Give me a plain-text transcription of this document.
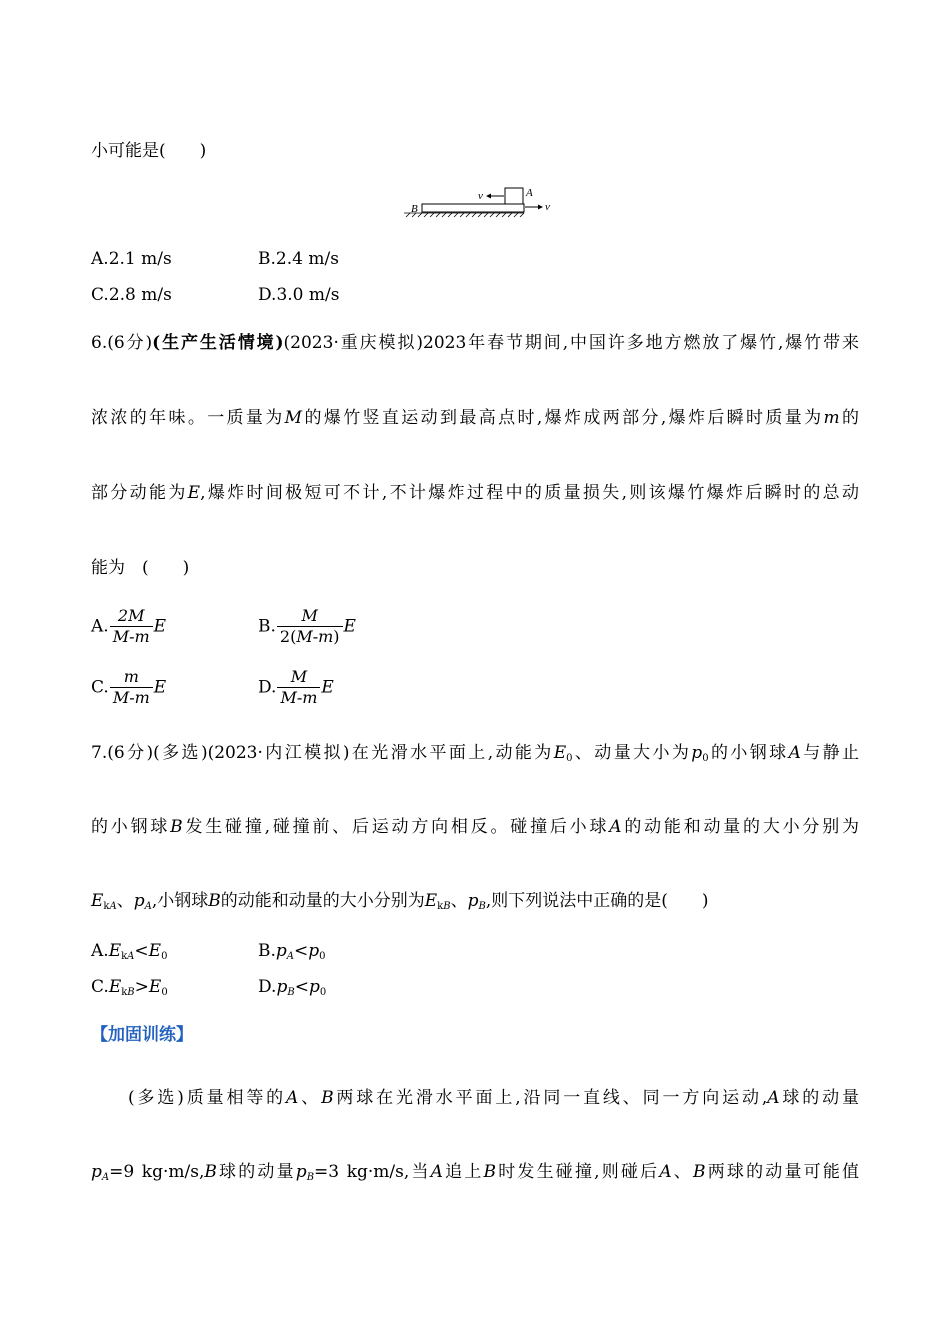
小可能是(　　)
v	A
B	v
A.2.1 m/s	B.2.4 m/s
C.2.8 m/s	D.3.0 m/s
6.(6分)(生产生活情境)(2023·重庆模拟)2023年春节期间,中国许多地方燃放了爆竹,爆竹带来
浓浓的年味。一质量为M的爆竹竖直运动到最高点时,爆炸成两部分,爆炸后瞬时质量为m的
部分动能为E,爆炸时间极短可不计,不计爆炸过程中的质量损失,则该爆竹爆炸后瞬时的总动
能为　(　　)
A. $\frac{2M}{M-m}$ E	B. $\frac{M}{2(M-m)}$ E
C. $\frac{m}{M-m}$ E	D. $\frac{M}{M-m}$ E
7.(6分)(多选)(2023·内江模拟)在光滑水平面上,动能为$E_0$、动量大小为$p_0$的小钢球A与静止
的小钢球B发生碰撞,碰撞前、后运动方向相反。碰撞后小球A的动能和动量的大小分别为
$E_{kA}$、$p_A$,小钢球B的动能和动量的大小分别为$E_{kB}$、$p_B$,则下列说法中正确的是(　　)
$A.E_{kA}<E_0$	$B.p_A<p_0$
$C.E_{kB}>E_0$	$D.p_B<p_0$
【加固训练】
(多选)质量相等的A、B两球在光滑水平面上,沿同一直线、同一方向运动,A球的动量
$p_A=9$ kg·m/s,B球的动量$p_B=3$ kg·m/s,当A追上B时发生碰撞,则碰后A、B两球的动量可能值
